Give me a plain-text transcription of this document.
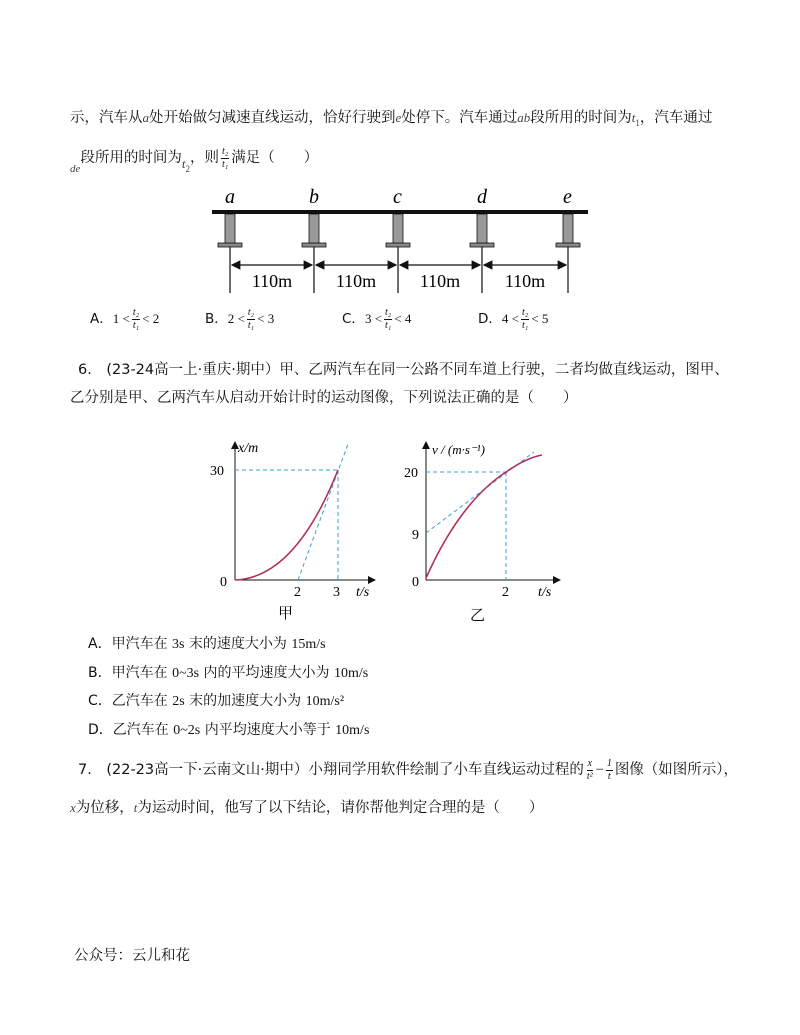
示，汽车从a处开始做匀减速直线运动，恰好行驶到e处停下。汽车通过ab段所用的时间为$t_1$，汽车通过
$_{de}$段所用的时间为$t_2$，则 $\frac{\text{t₂}}{\text{t₁}}$ 满足（　　）
a	b	c	d	e
110m 110m 110m 110m
A．$1 < \frac{\text{t₂}}{\text{t₁}} < 2$	B．$2 < \frac{\text{t₂}}{\text{t₁}} < 3$	C．$3 < \frac{\text{t₂}}{\text{t₁}} < 4$	D．$4 < \frac{\text{t₂}}{\text{t₁}} < 5$
6.　(23-24高一上·重庆·期中）甲、乙两汽车在同一公路不同车道上行驶，二者均做直线运动，图甲、
乙分别是甲、乙两汽车从启动开始计时的运动图像，下列说法正确的是（　　）
x/m
t/s
30
0
2 3
甲
v / (m·s⁻¹)
t/s
20
9
0
2
乙
A．甲汽车在 3s 末的速度大小为 15m/s
B．甲汽车在 0~3s 内的平均速度大小为 10m/s
C．乙汽车在 2s 末的加速度大小为 10m/s²
D．乙汽车在 0~2s 内平均速度大小等于 10m/s
7.　(22-23高一下·云南文山·期中）小翔同学用软件绘制了小车直线运动过程的 $\frac{x}{\text{t²}} - \frac{1}{t}$ 图像（如图所示），
x为位移，t为运动时间，他写了以下结论，请你帮他判定合理的是（　　）
公众号：云儿和花
